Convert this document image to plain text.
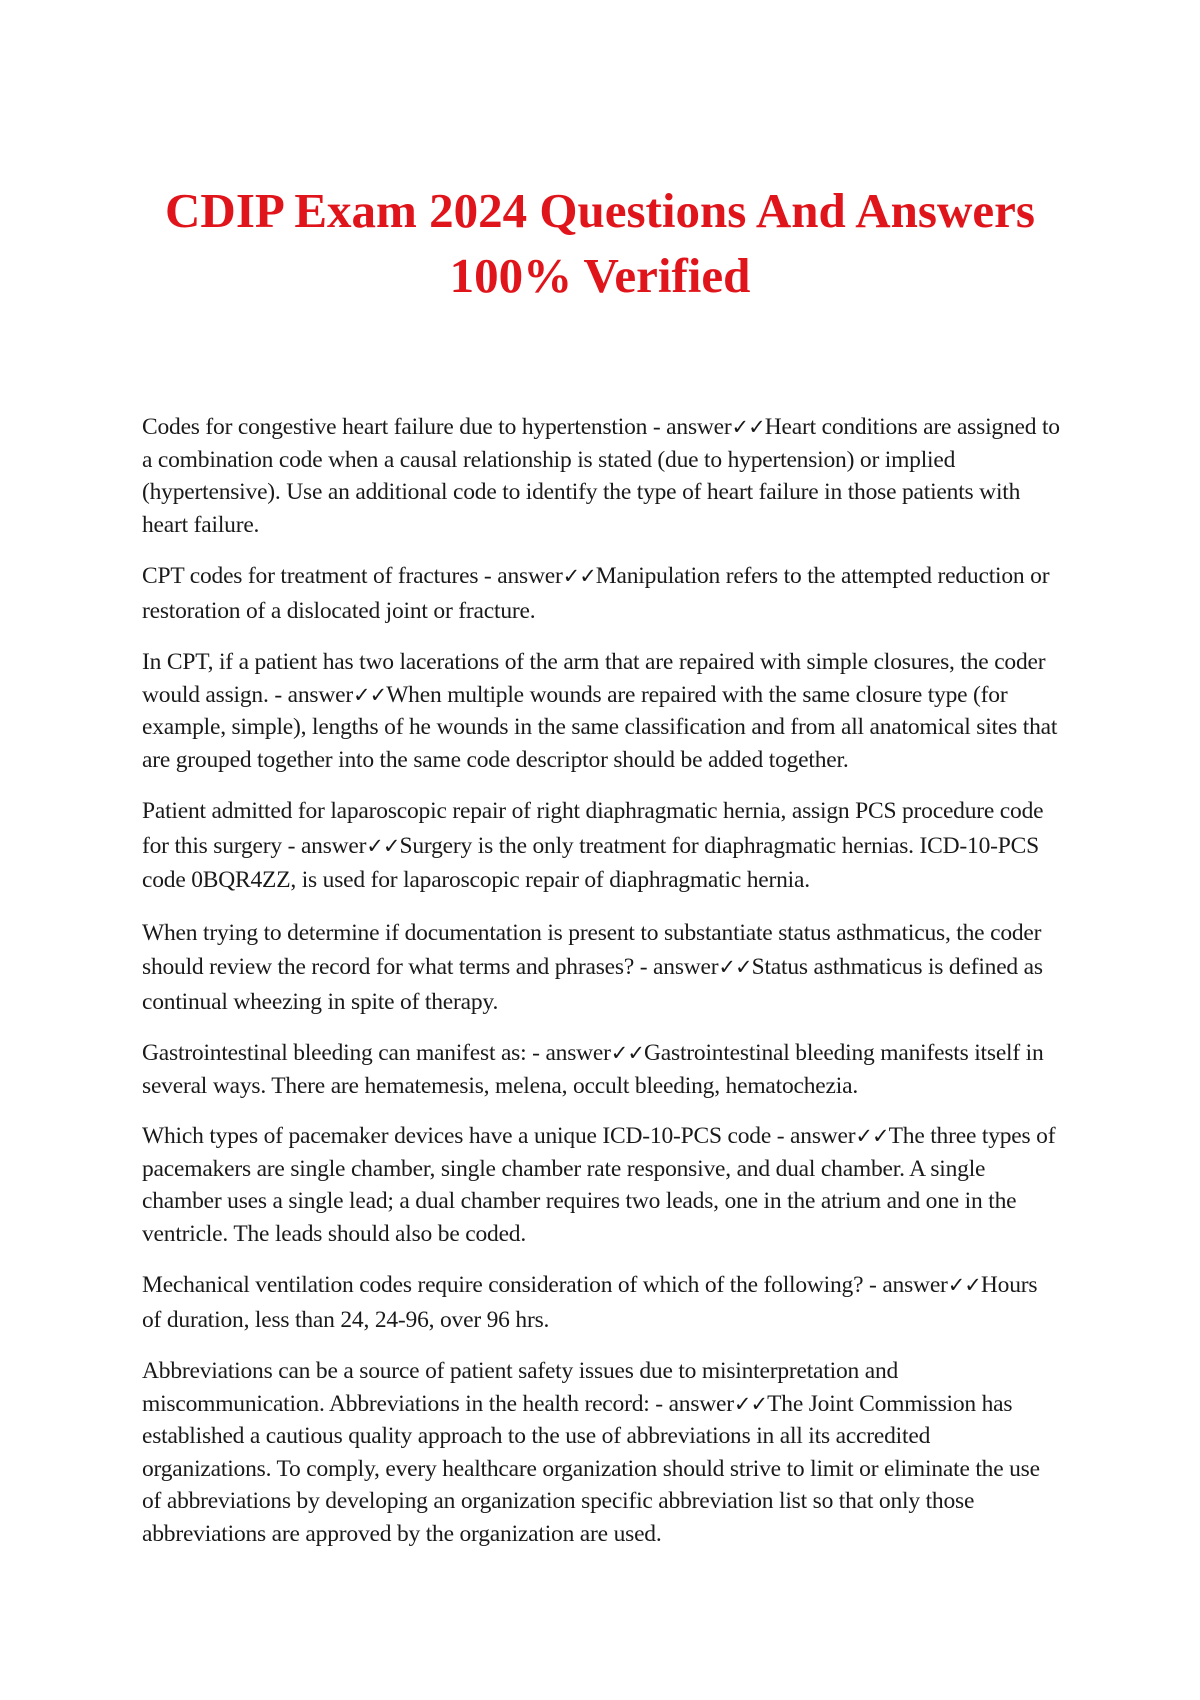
CDIP Exam 2024 Questions And Answers 100% Verified

Codes for congestive heart failure due to hypertenstion - answer✓✓Heart conditions are assigned to a combination code when a causal relationship is stated (due to hypertension) or implied (hypertensive). Use an additional code to identify the type of heart failure in those patients with heart failure.

CPT codes for treatment of fractures - answer✓✓Manipulation refers to the attempted reduction or restoration of a dislocated joint or fracture.

In CPT, if a patient has two lacerations of the arm that are repaired with simple closures, the coder would assign. - answer✓✓When multiple wounds are repaired with the same closure type (for example, simple), lengths of he wounds in the same classification and from all anatomical sites that are grouped together into the same code descriptor should be added together.

Patient admitted for laparoscopic repair of right diaphragmatic hernia, assign PCS procedure code for this surgery - answer✓✓Surgery is the only treatment for diaphragmatic hernias. ICD-10-PCS code 0BQR4ZZ, is used for laparoscopic repair of diaphragmatic hernia.

When trying to determine if documentation is present to substantiate status asthmaticus, the coder should review the record for what terms and phrases? - answer✓✓Status asthmaticus is defined as continual wheezing in spite of therapy.

Gastrointestinal bleeding can manifest as: - answer✓✓Gastrointestinal bleeding manifests itself in several ways. There are hematemesis, melena, occult bleeding, hematochezia.

Which types of pacemaker devices have a unique ICD-10-PCS code - answer✓✓The three types of pacemakers are single chamber, single chamber rate responsive, and dual chamber. A single chamber uses a single lead; a dual chamber requires two leads, one in the atrium and one in the ventricle. The leads should also be coded.

Mechanical ventilation codes require consideration of which of the following? - answer✓✓Hours of duration, less than 24, 24-96, over 96 hrs.

Abbreviations can be a source of patient safety issues due to misinterpretation and miscommunication. Abbreviations in the health record: - answer✓✓The Joint Commission has established a cautious quality approach to the use of abbreviations in all its accredited organizations. To comply, every healthcare organization should strive to limit or eliminate the use of abbreviations by developing an organization specific abbreviation list so that only those abbreviations are approved by the organization are used.
